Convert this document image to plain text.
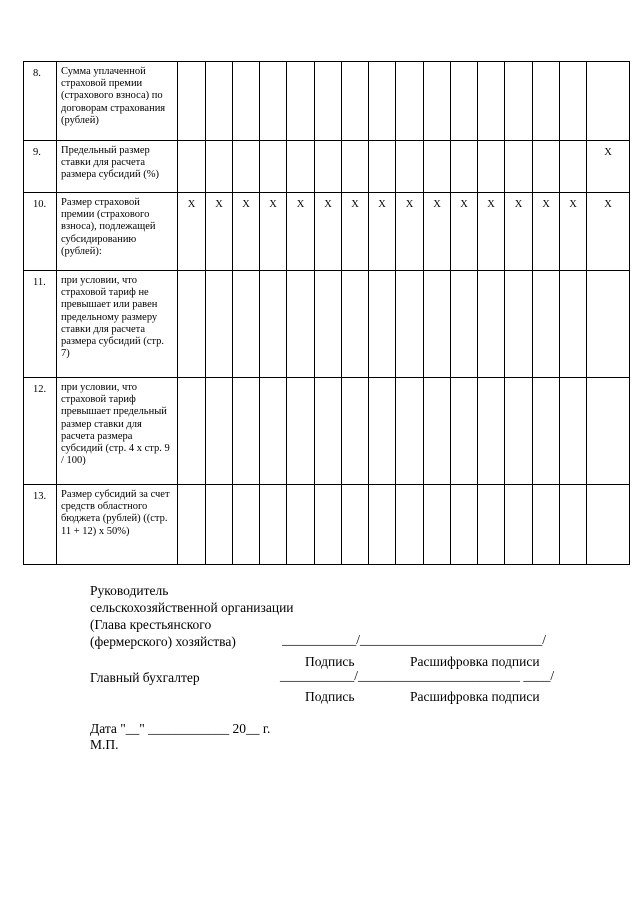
8.	Сумма уплаченной страховой премии (страхового взноса) по договорам страхования (рублей)																
9.	Предельный размер ставки для расчета размера субсидий (%)																X
10.	Размер страховой премии (страхового взноса), подлежащей субсидированию (рублей):	X	X	X	X	X	X	X	X	X	X	X	X	X	X	X	X
11.	при условии, что страховой тариф не превышает или равен предельному размеру ставки для расчета размера субсидий (стр. 7)																
12.	при условии, что страховой тариф превышает предельный размер ставки для расчета размера субсидий (стр. 4 x стр. 9 / 100)																
13.	Размер субсидий за счет средств областного бюджета (рублей) ((стр. 11 + 12) x 50%)																
Руководитель
сельскохозяйственной организации
(Глава крестьянского
(фермерского) хозяйства)	___________/___________________________/
Подпись	Расшифровка подписи
Главный бухгалтер	___________/________________________ ____/
Подпись	Расшифровка подписи
Дата "__" ____________ 20__ г.
М.П.
